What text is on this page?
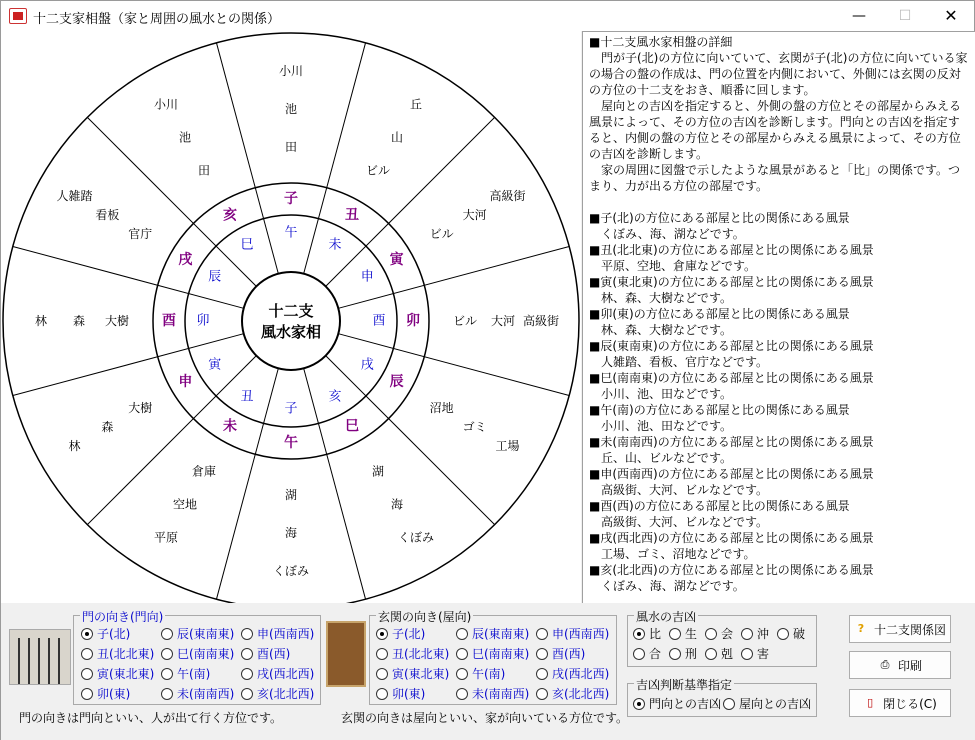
十二支家相盤（家と周囲の風水との関係）	—	☐	✕
子
午
小川
池
田
丑
未
丘
山
ビル
寅
申
高級街
大河
ビル
卯
酉	高級街
大河
ビル
辰
戌
工場
ゴミ
沼地
巳
亥
くぼみ
海
湖
午
子
くぼみ
海
湖
未
丑
平原
空地
倉庫
申
寅
林
森
大樹
酉 卯
林 森 大樹
戌
辰
人雑踏
看板
官庁
亥
巳
小川
池
田
十二支
風水家相
■十二支風水家相盤の詳細
　門が子(北)の方位に向いていて、玄関が子(北)の方位に向いている家の場合の盤の作成は、門の位置を内側において、外側には玄関の反対の方位の十二支をおき、順番に回します。
　屋向との吉凶を指定すると、外側の盤の方位とその部屋からみえる風景によって、その方位の吉凶を診断します。門向との吉凶を指定すると、内側の盤の方位とその部屋からみえる風景によって、その方位の吉凶を診断します。
　家の周囲に図盤で示したような風景があると「比」の関係です。つまり、力が出る方位の部屋です。
■子(北)の方位にある部屋と比の関係にある風景
　くぼみ、海、湖などです。
■丑(北北東)の方位にある部屋と比の関係にある風景
　平原、空地、倉庫などです。
■寅(東北東)の方位にある部屋と比の関係にある風景
　林、森、大樹などです。
■卯(東)の方位にある部屋と比の関係にある風景
　林、森、大樹などです。
■辰(東南東)の方位にある部屋と比の関係にある風景
　人雑踏、看板、官庁などです。
■巳(南南東)の方位にある部屋と比の関係にある風景
　小川、池、田などです。
■午(南)の方位にある部屋と比の関係にある風景
　小川、池、田などです。
■未(南南西)の方位にある部屋と比の関係にある風景
　丘、山、ビルなどです。
■申(西南西)の方位にある部屋と比の関係にある風景
　高級街、大河、ビルなどです。
■酉(西)の方位にある部屋と比の関係にある風景
　高級街、大河、ビルなどです。
■戌(西北西)の方位にある部屋と比の関係にある風景
　工場、ゴミ、沼地などです。
■亥(北北西)の方位にある部屋と比の関係にある風景
　くぼみ、海、湖などです。
門の向き(門向)
門の向きは門向といい、人が出て行く方位です。
玄関の向き(屋向)
玄関の向きは屋向といい、家が向いている方位です。
風水の吉凶
吉凶判断基準指定
? 十二支関係図
⎙ 印刷
▯ 閉じる(C)
子(北)
丑(北北東)
寅(東北東)
卯(東)
辰(東南東)
巳(南南東)
午(南)
未(南南西)
申(西南西)
酉(西)
戌(西北西)
亥(北北西)
子(北)
丑(北北東)
寅(東北東)
卯(東)
辰(東南東)
巳(南南東)
午(南)
未(南南西)
申(西南西)
酉(西)
戌(西北西)
亥(北北西)
比 生 会 沖 破
合 刑 剋 害
門向との吉凶 屋向との吉凶
